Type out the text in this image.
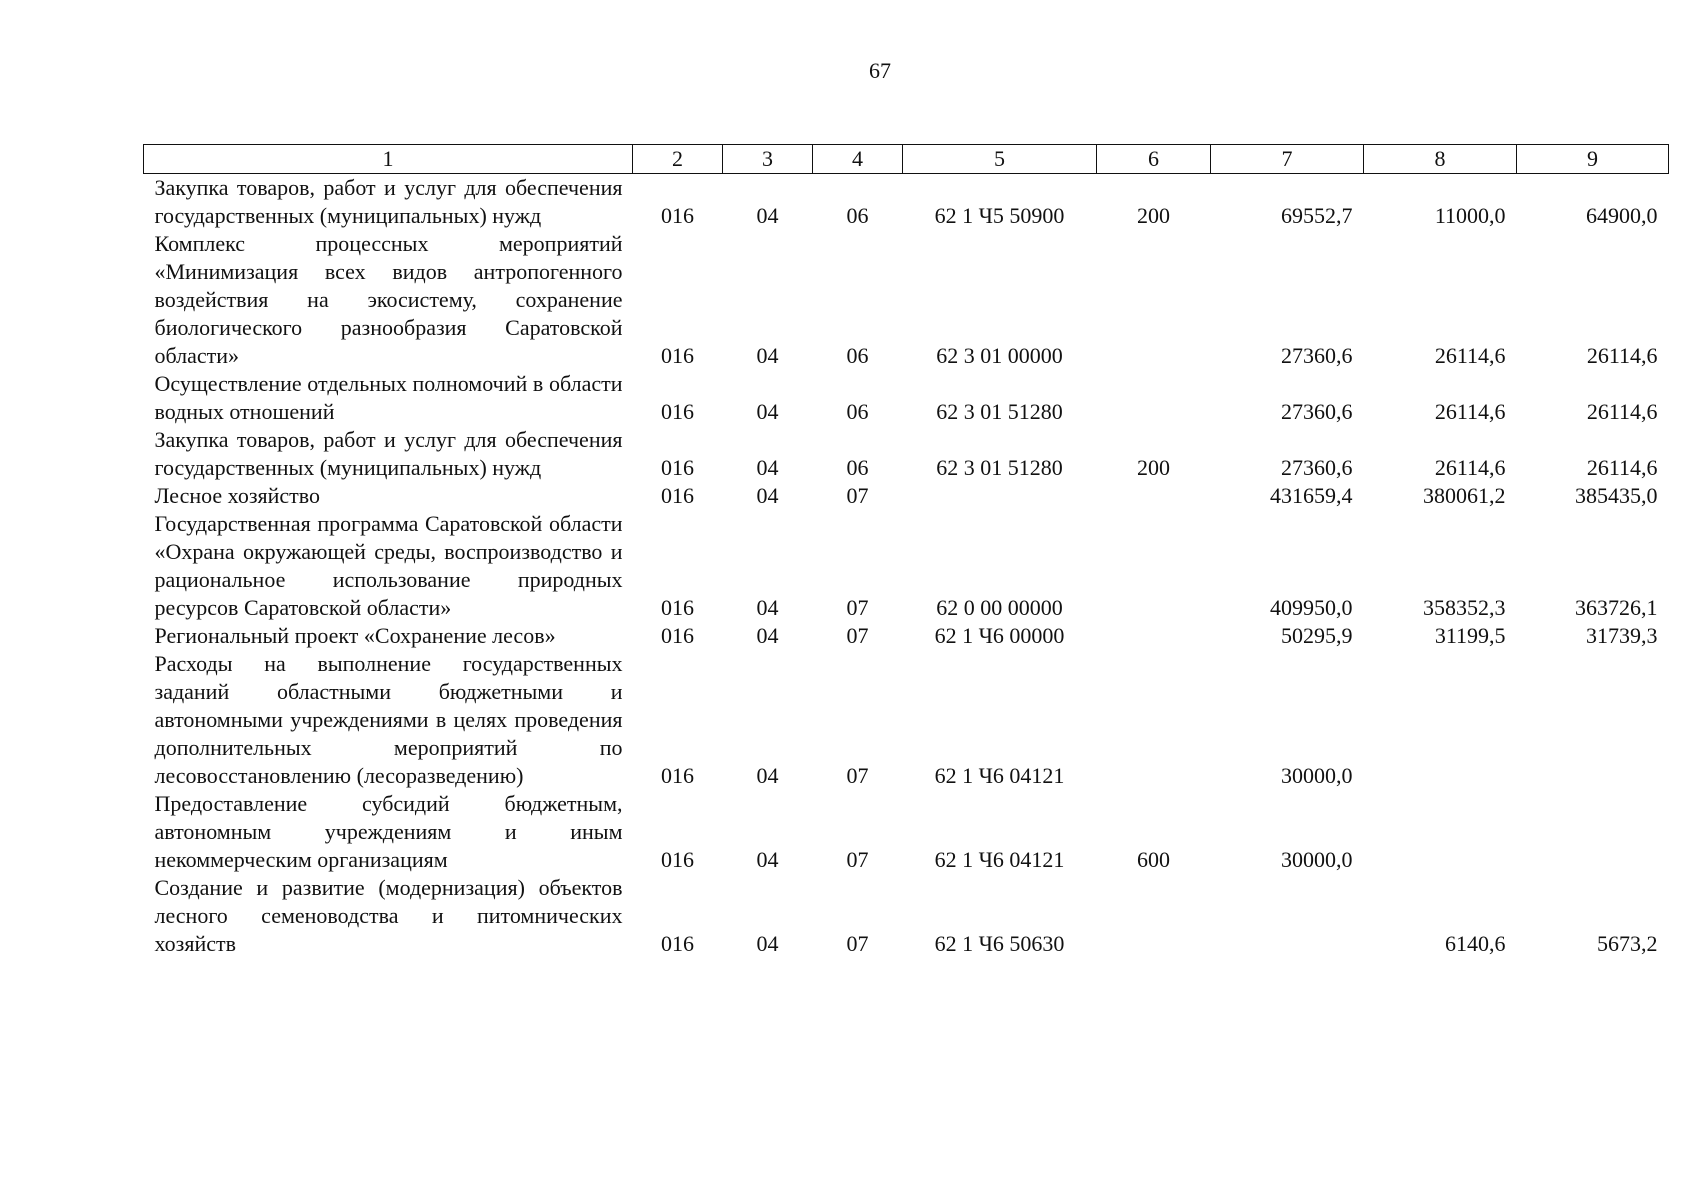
67
1	2	3	4	5	6	7	8	9
Закупка товаров, работ и услуг для обеспечения государственных (муниципальных) нужд	016	04	06	62 1 Ч5 50900	200	69552,7	11000,0	64900,0
Комплекс процессных мероприятий «Минимизация всех видов антропогенного воздействия на экосистему, сохранение биологического разнообразия Саратовской области»	016	04	06	62 3 01 00000		27360,6	26114,6	26114,6
Осуществление отдельных полномочий в области водных отношений	016	04	06	62 3 01 51280		27360,6	26114,6	26114,6
Закупка товаров, работ и услуг для обеспечения государственных (муниципальных) нужд	016	04	06	62 3 01 51280	200	27360,6	26114,6	26114,6
Лесное хозяйство	016	04	07			431659,4	380061,2	385435,0
Государственная программа Саратовской области «Охрана окружающей среды, воспроизводство и рациональное использование природных ресурсов Саратовской области»	016	04	07	62 0 00 00000		409950,0	358352,3	363726,1
Региональный проект «Сохранение лесов»	016	04	07	62 1 Ч6 00000		50295,9	31199,5	31739,3
Расходы на выполнение государственных заданий областными бюджетными и автономными учреждениями в целях проведения дополнительных мероприятий по лесовосстановлению (лесоразведению)	016	04	07	62 1 Ч6 04121		30000,0		
Предоставление субсидий бюджетным, автономным учреждениям и иным некоммерческим организациям	016	04	07	62 1 Ч6 04121	600	30000,0		
Создание и развитие (модернизация) объектов лесного семеноводства и питомнических хозяйств	016	04	07	62 1 Ч6 50630			6140,6	5673,2
